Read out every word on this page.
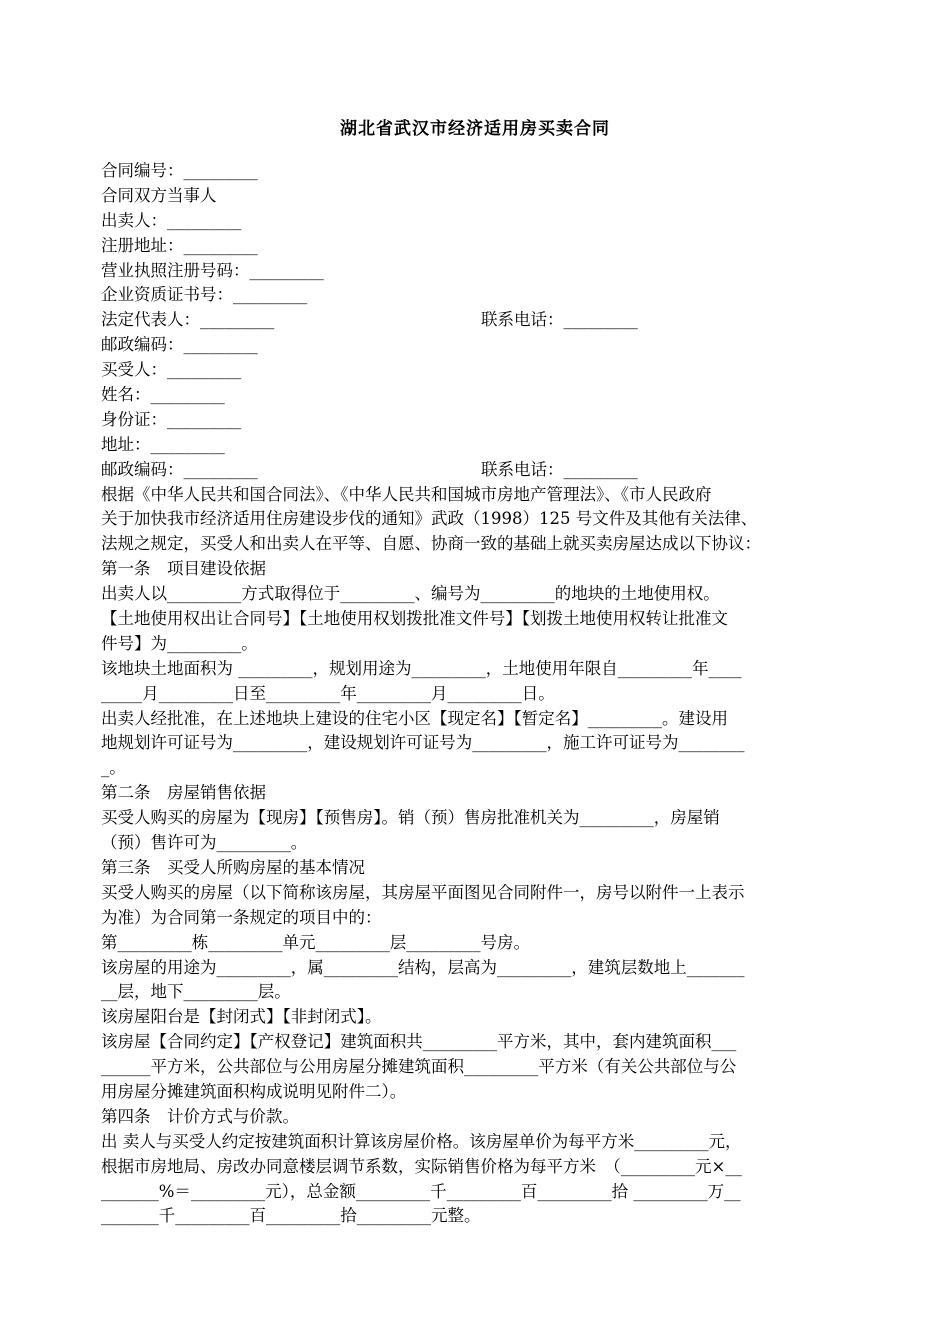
湖北省武汉市经济适用房买卖合同
合同编号：_________
合同双方当事人
出卖人：_________
注册地址：_________
营业执照注册号码：_________
企业资质证书号：_________
法定代表人：_________	联系电话：_________
邮政编码：_________
买受人：_________
姓名：_________
身份证：_________
地址：_________
邮政编码：_________	联系电话：_________
根据《中华人民共和国合同法》、《中华人民共和国城市房地产管理法》、《市人民政府
关于加快我市经济适用住房建设步伐的通知》武政（1998）125 号文件及其他有关法律、
法规之规定，买受人和出卖人在平等、自愿、协商一致的基础上就买卖房屋达成以下协议：
第一条　项目建设依据
出卖人以_________方式取得位于_________、编号为_________的地块的土地使用权。
【土地使用权出让合同号】【土地使用权划拨批准文件号】【划拨土地使用权转让批准文
件号】为_________。
该地块土地面积为 _________，规划用途为_________，土地使用年限自_________年____
_____月_________日至_________年_________月_________日。
出卖人经批准，在上述地块上建设的住宅小区【现定名】【暂定名】_________。建设用
地规划许可证号为_________，建设规划许可证号为_________，施工许可证号为________
_。
第二条　房屋销售依据
买受人购买的房屋为【现房】【预售房】。销（预）售房批准机关为_________，房屋销
（预）售许可为_________。
第三条　买受人所购房屋的基本情况
买受人购买的房屋（以下简称该房屋，其房屋平面图见合同附件一，房号以附件一上表示
为准）为合同第一条规定的项目中的：
第_________栋_________单元_________层_________号房。
该房屋的用途为_________，属_________结构，层高为_________，建筑层数地上_______
__层，地下_________层。
该房屋阳台是【封闭式】【非封闭式】。
该房屋【合同约定】【产权登记】建筑面积共_________平方米，其中，套内建筑面积___
______平方米，公共部位与公用房屋分摊建筑面积_________平方米（有关公共部位与公
用房屋分摊建筑面积构成说明见附件二）。
第四条　计价方式与价款。
出 卖人与买受人约定按建筑面积计算该房屋价格。该房屋单价为每平方米_________元，
根据市房地局、房改办同意楼层调节系数，实际销售价格为每平方米　（_________元×__
_______%＝_________元），总金额_________千_________百_________拾 _________万__
_______千_________百_________拾_________元整。
